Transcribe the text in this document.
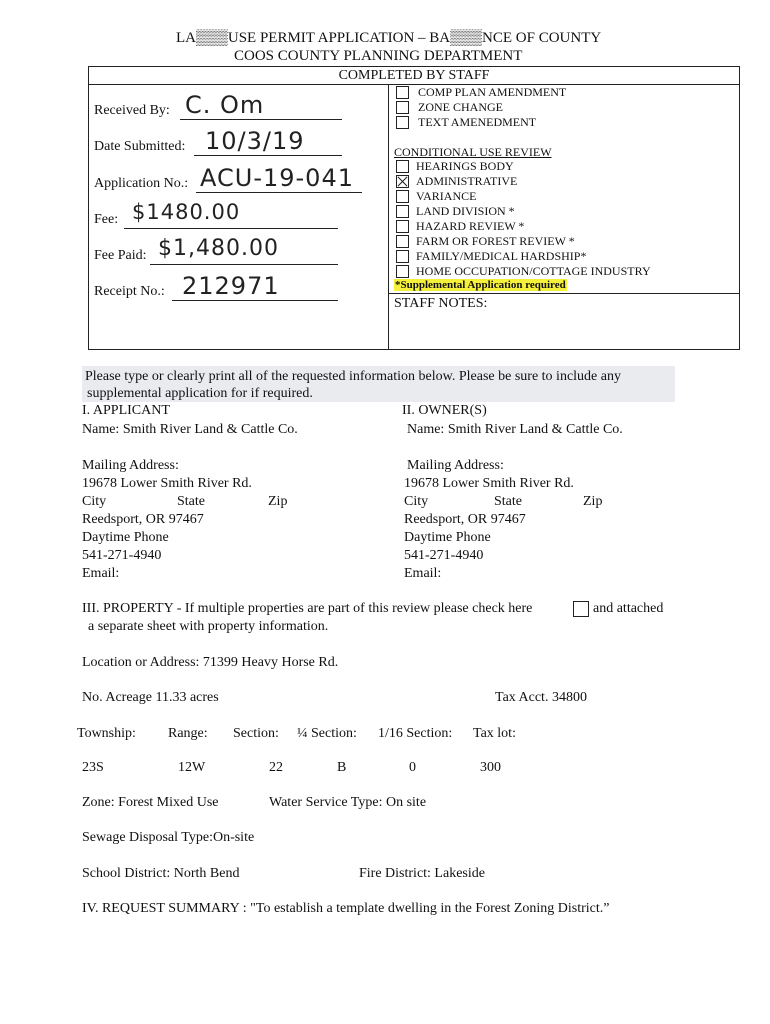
LA▒▒▒USE PERMIT APPLICATION – BA▒▒▒NCE OF COUNTY
COOS COUNTY PLANNING DEPARTMENT
COMPLETED BY STAFF
Received By: C. Om
Date Submitted: 10/3/19
Application No.: ACU-19-041
Fee: $1480.00
Fee Paid: $1,480.00
Receipt No.: 212971
COMP PLAN AMENDMENT
ZONE CHANGE
TEXT AMENEDMENT
CONDITIONAL USE REVIEW
HEARINGS BODY
ADMINISTRATIVE
VARIANCE
LAND DIVISION *
HAZARD REVIEW *
FARM OR FOREST REVIEW *
FAMILY/MEDICAL HARDSHIP*
HOME OCCUPATION/COTTAGE INDUSTRY
*Supplemental Application required
STAFF NOTES:
Please type or clearly print all of the requested information below. Please be sure to include any
supplemental application for if required.
I. APPLICANT
Name: Smith River Land & Cattle Co.
Mailing Address:
19678 Lower Smith River Rd.
City	State	Zip
Reedsport, OR 97467
Daytime Phone
541-271-4940
Email:
II. OWNER(S)
Name: Smith River Land & Cattle Co.
Mailing Address:
19678 Lower Smith River Rd.
City	State	Zip
Reedsport, OR 97467
Daytime Phone
541-271-4940
Email:
III. PROPERTY - If multiple properties are part of this review please check here	and attached
a separate sheet with property information.
Location or Address: 71399 Heavy Horse Rd.
No. Acreage 11.33 acres	Tax Acct. 34800
Township: Range: Section: ¼ Section: 1/16 Section: Tax lot:
23S	12W	22	B	0	300
Zone: Forest Mixed Use	Water Service Type: On site
Sewage Disposal Type:On-site
School District: North Bend	Fire District: Lakeside
IV. REQUEST SUMMARY : "To establish a template dwelling in the Forest Zoning District.”
